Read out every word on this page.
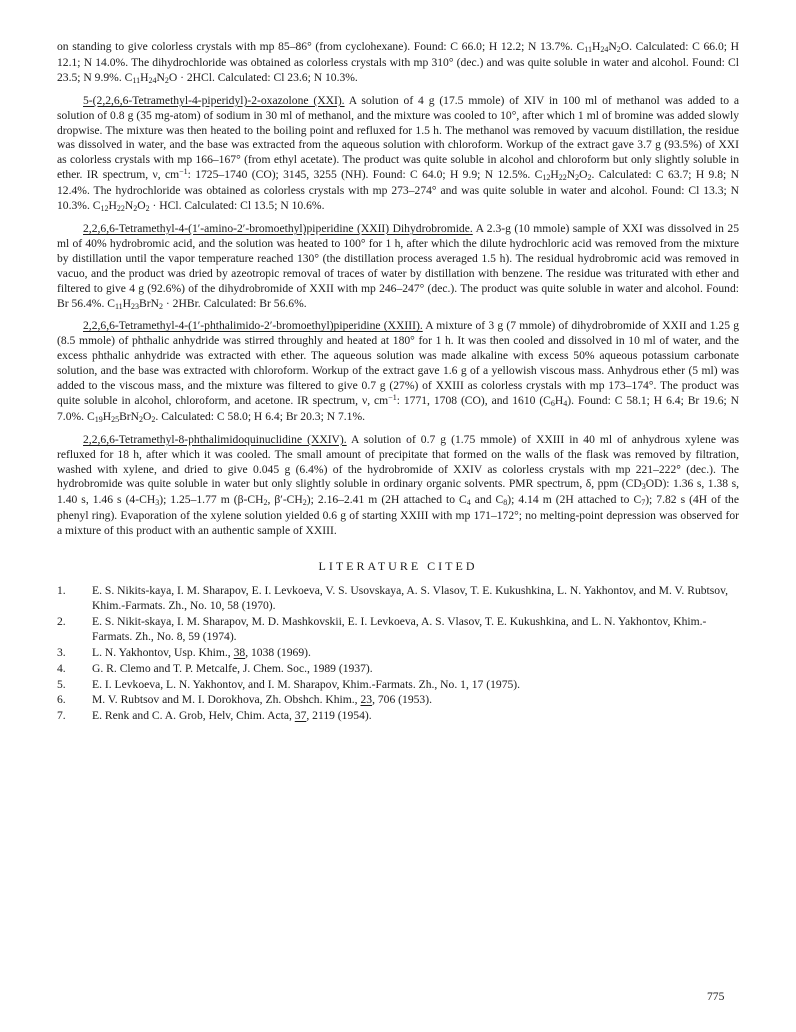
on standing to give colorless crystals with mp 85–86° (from cyclohexane). Found: C 66.0; H 12.2; N 13.7%. $C_{11}H_{24}N_2O$. Calculated: C 66.0; H 12.1; N 14.0%. The dihydrochloride was obtained as colorless crystals with mp 310° (dec.) and was quite soluble in water and alcohol. Found: Cl 23.5; N 9.9%. $C_{11}H_{24}N_2O \cdot 2HCl$. Calculated: Cl 23.6; N 10.3%.

5-(2,2,6,6-Tetramethyl-4-piperidyl)-2-oxazolone (XXI). A solution of 4 g (17.5 mmole) of XIV in 100 ml of methanol was added to a solution of 0.8 g (35 mg-atom) of sodium in 30 ml of methanol, and the mixture was cooled to 10°, after which 1 ml of bromine was added slowly dropwise. The mixture was then heated to the boiling point and refluxed for 1.5 h. The methanol was removed by vacuum distillation, the residue was dissolved in water, and the base was extracted from the aqueous solution with chloroform. Workup of the extract gave 3.7 g (93.5%) of XXI as colorless crystals with mp 166–167° (from ethyl acetate). The product was quite soluble in alcohol and chloroform but only slightly soluble in ether. IR spectrum, ν, $cm^{-1}$: 1725–1740 (CO); 3145, 3255 (NH). Found: C 64.0; H 9.9; N 12.5%. $C_{12}H_{22}N_2O_2$. Calculated: C 63.7; H 9.8; N 12.4%. The hydrochloride was obtained as colorless crystals with mp 273–274° and was quite soluble in water and alcohol. Found: Cl 13.3; N 10.3%. $C_{12}H_{22}N_2O_2$ · HCl. Calculated: Cl 13.5; N 10.6%.

2,2,6,6-Tetramethyl-4-(1′-amino-2′-bromoethyl)piperidine (XXII) Dihydrobromide. A 2.3-g (10 mmole) sample of XXI was dissolved in 25 ml of 40% hydrobromic acid, and the solution was heated to 100° for 1 h, after which the dilute hydrochloric acid was removed from the mixture by distillation until the vapor temperature reached 130° (the distillation process averaged 1.5 h). The residual hydrobromic acid was removed in vacuo, and the product was dried by azeotropic removal of traces of water by distillation with benzene. The residue was triturated with ether and filtered to give 4 g (92.6%) of the dihydrobromide of XXII with mp 246–247° (dec.). The product was quite soluble in water and alcohol. Found: Br 56.4%. $C_{11}H_{23}BrN_2 \cdot 2HBr$. Calculated: Br 56.6%.

2,2,6,6-Tetramethyl-4-(1′-phthalimido-2′-bromoethyl)piperidine (XXIII). A mixture of 3 g (7 mmole) of dihydrobromide of XXII and 1.25 g (8.5 mmole) of phthalic anhydride was stirred throughly and heated at 180° for 1 h. It was then cooled and dissolved in 10 ml of water, and the excess phthalic anhydride was extracted with ether. The aqueous solution was made alkaline with excess 50% aqueous potassium carbonate solution, and the base was extracted with chloroform. Workup of the extract gave 1.6 g of a yellowish viscous mass. Anhydrous ether (5 ml) was added to the viscous mass, and the mixture was filtered to give 0.7 g (27%) of XXIII as colorless crystals with mp 173–174°. The product was quite soluble in alcohol, chloroform, and acetone. IR spectrum, ν, $cm^{-1}$: 1771, 1708 (CO), and 1610 $(C_6H_4)$. Found: C 58.1; H 6.4; Br 19.6; N 7.0%. $C_{19}H_{25}BrN_2O_2$. Calculated: C 58.0; H 6.4; Br 20.3; N 7.1%.

2,2,6,6-Tetramethyl-8-phthalimidoquinuclidine (XXIV). A solution of 0.7 g (1.75 mmole) of XXIII in 40 ml of anhydrous xylene was refluxed for 18 h, after which it was cooled. The small amount of precipitate that formed on the walls of the flask was removed by filtration, washed with xylene, and dried to give 0.045 g (6.4%) of the hydrobromide of XXIV as colorless crystals with mp 221–222° (dec.). The hydrobromide was quite soluble in water but only slightly soluble in ordinary organic solvents. PMR spectrum, δ, ppm $(CD_3OD)$: 1.36 s, 1.38 s, 1.40 s, 1.46 s $(4-CH_3)$; 1.25–1.77 m ($\beta-CH_2$, $\beta'-CH_2$); 2.16–2.41 m (2H attached to $C_4$ and $C_8$); 4.14 m (2H attached to $C_7$); 7.82 s (4H of the phenyl ring). Evaporation of the xylene solution yielded 0.6 g of starting XXIII with mp 171–172°; no melting-point depression was observed for a mixture of this product with an authentic sample of XXIII.

LITERATURE CITED
1.	E. S. Nikits-kaya, I. M. Sharapov, E. I. Levkoeva, V. S. Usovskaya, A. S. Vlasov, T. E. Kukushkina, L. N. Yakhontov, and M. V. Rubtsov, Khim.-Farmats. Zh., No. 10, 58 (1970).
2.	E. S. Nikit-skaya, I. M. Sharapov, M. D. Mashkovskii, E. I. Levkoeva, A. S. Vlasov, T. E. Kukushkina, and L. N. Yakhontov, Khim.-Farmats. Zh., No. 8, 59 (1974).
3.	L. N. Yakhontov, Usp. Khim., 38, 1038 (1969).
4.	G. R. Clemo and T. P. Metcalfe, J. Chem. Soc., 1989 (1937).
5.	E. I. Levkoeva, L. N. Yakhontov, and I. M. Sharapov, Khim.-Farmats. Zh., No. 1, 17 (1975).
6.	M. V. Rubtsov and M. I. Dorokhova, Zh. Obshch. Khim., 23, 706 (1953).
7.	E. Renk and C. A. Grob, Helv, Chim. Acta, 37, 2119 (1954).
775
